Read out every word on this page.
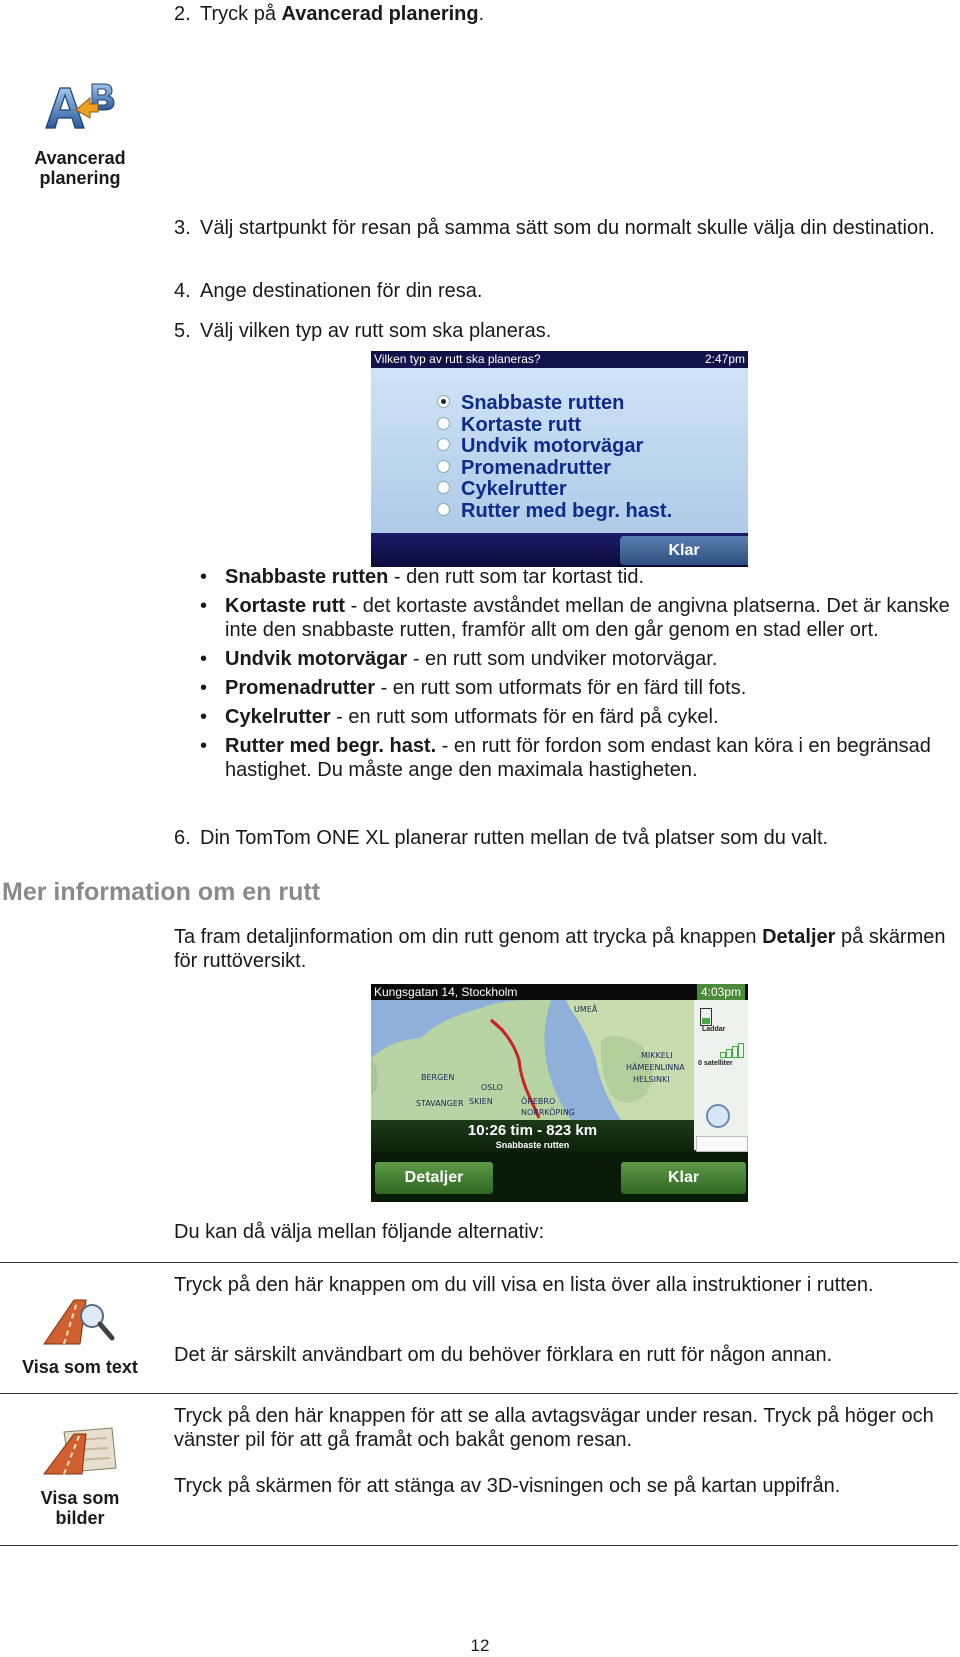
2. Tryck på Avancerad planering.
Avancerad
planering
3. Välj startpunkt för resan på samma sätt som du normalt skulle välja din destination.
4. Ange destinationen för din resa.
5. Välj vilken typ av rutt som ska planeras.
Vilken typ av rutt ska planeras?	2:47pm
Snabbaste rutten
Kortaste rutt
Undvik motorvägar
Promenadrutter
Cykelrutter
Rutter med begr. hast.
Klar
• Snabbaste rutten - den rutt som tar kortast tid.
• Kortaste rutt - det kortaste avståndet mellan de angivna platserna. Det är kanske inte den snabbaste rutten, framför allt om den går genom en stad eller ort.
• Undvik motorvägar - en rutt som undviker motorvägar.
• Promenadrutter - en rutt som utformats för en färd till fots.
• Cykelrutter - en rutt som utformats för en färd på cykel.
• Rutter med begr. hast. - en rutt för fordon som endast kan köra i en begränsad hastighet. Du måste ange den maximala hastigheten.
6. Din TomTom ONE XL planerar rutten mellan de två platser som du valt.
Mer information om en rutt
Ta fram detaljinformation om din rutt genom att trycka på knappen Detaljer på skärmen för ruttöversikt.
Kungsgatan 14, Stockholm	4:03pm
UMEÅ
MIKKELI
HÄMEENLINNA
HELSINKI
BERGEN
OSLO
STAVANGER SKIEN	ÖREBRO
NORRKÖPING
Laddar
0 satelliter
10:26 tim - 823 km
Snabbaste rutten
Detaljer	Klar
Du kan då välja mellan följande alternativ:
Visa som text
Tryck på den här knappen om du vill visa en lista över alla instruktioner i rutten.
Det är särskilt användbart om du behöver förklara en rutt för någon annan.
Visa som
bilder
Tryck på den här knappen för att se alla avtagsvägar under resan. Tryck på höger och vänster pil för att gå framåt och bakåt genom resan.
Tryck på skärmen för att stänga av 3D-visningen och se på kartan uppifrån.
12
